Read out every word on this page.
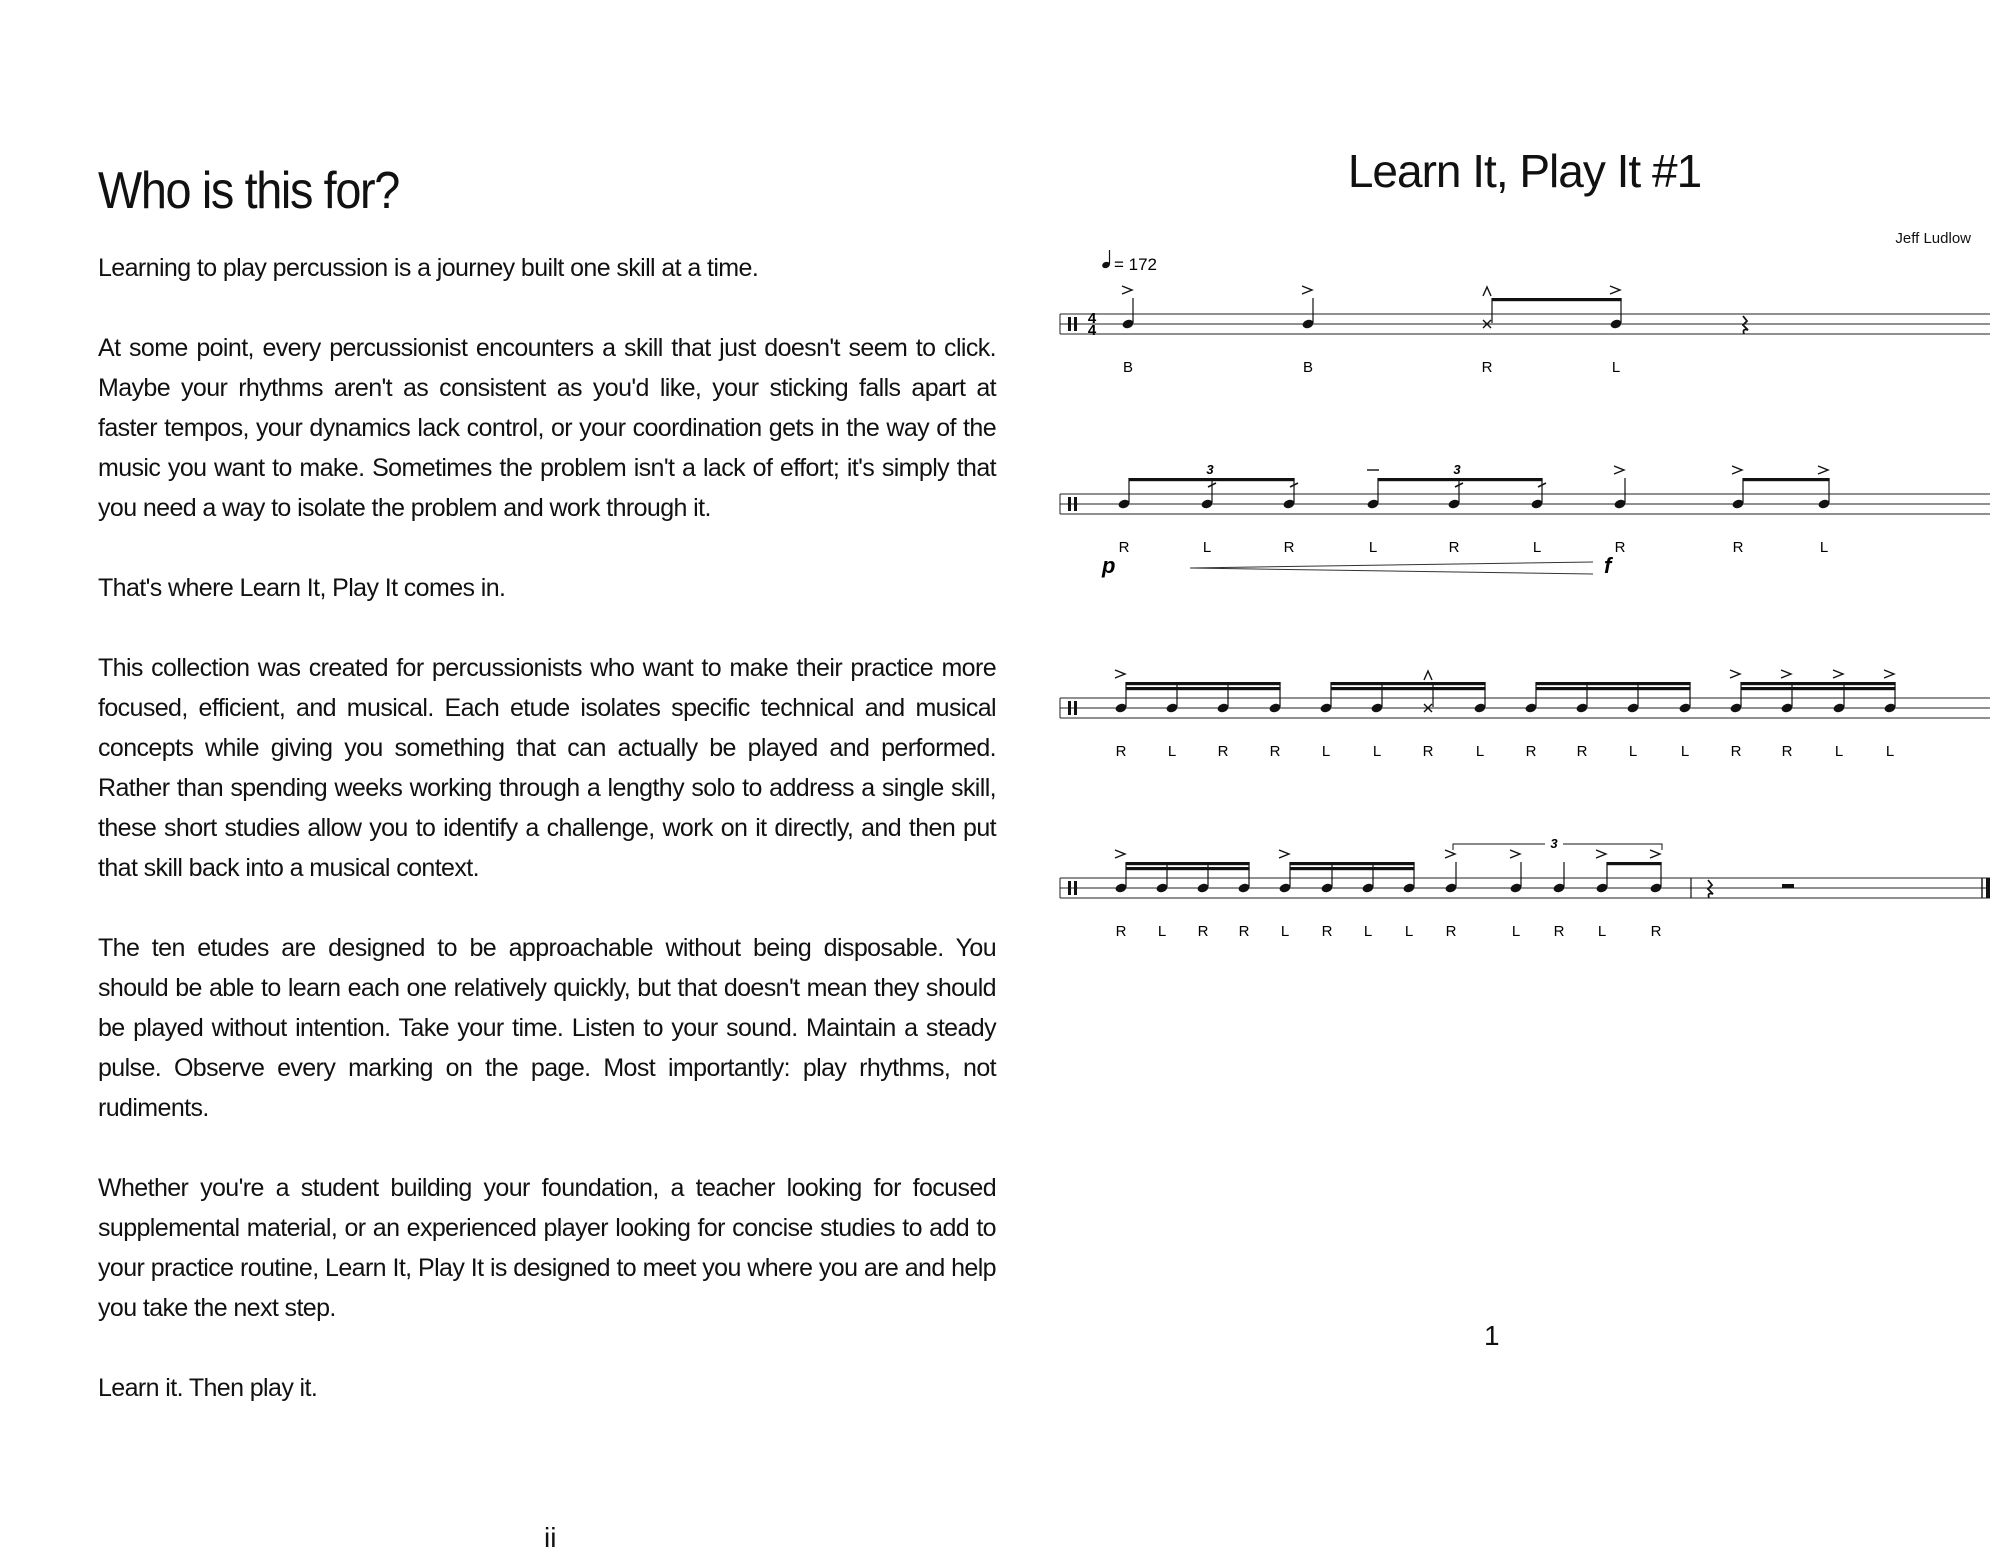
Who is this for?

Learning to play percussion is a journey built one skill at a time.

At some point, every percussionist encounters a skill that just doesn't seem to click. Maybe your rhythms aren't as consistent as you'd like, your sticking falls apart at faster tempos, your dynamics lack control, or your coordination gets in the way of the music you want to make. Sometimes the problem isn't a lack of effort; it's simply that you need a way to isolate the problem and work through it.

That's where Learn It, Play It comes in.

This collection was created for percussionists who want to make their practice more focused, efficient, and musical. Each etude isolates specific technical and musical concepts while giving you something that can actually be played and performed. Rather than spending weeks working through a lengthy solo to address a single skill, these short studies allow you to identify a challenge, work on it directly, and then put that skill back into a musical context.

The ten etudes are designed to be approachable without being disposable. You should be able to learn each one relatively quickly, but that doesn't mean they should be played without intention. Take your time. Listen to your sound. Maintain a steady pulse. Observe every marking on the page. Most importantly: play rhythms, not rudiments.

Whether you're a student building your foundation, a teacher looking for focused supplemental material, or an experienced player looking for concise studies to add to your practice routine, Learn It, Play It is designed to meet you where you are and help you take the next step.

Learn it. Then play it.

ii
Learn It, Play It #1
Jeff Ludlow
= 172
B	B	R	L
4
4
R	L	R	L	R	L	R	R	L
3	3
p	f
R	L	R	R	L	L	R	L	R	R	L	L	R	R	L	L
R L R R L R L L R	L R L	R
3
1
